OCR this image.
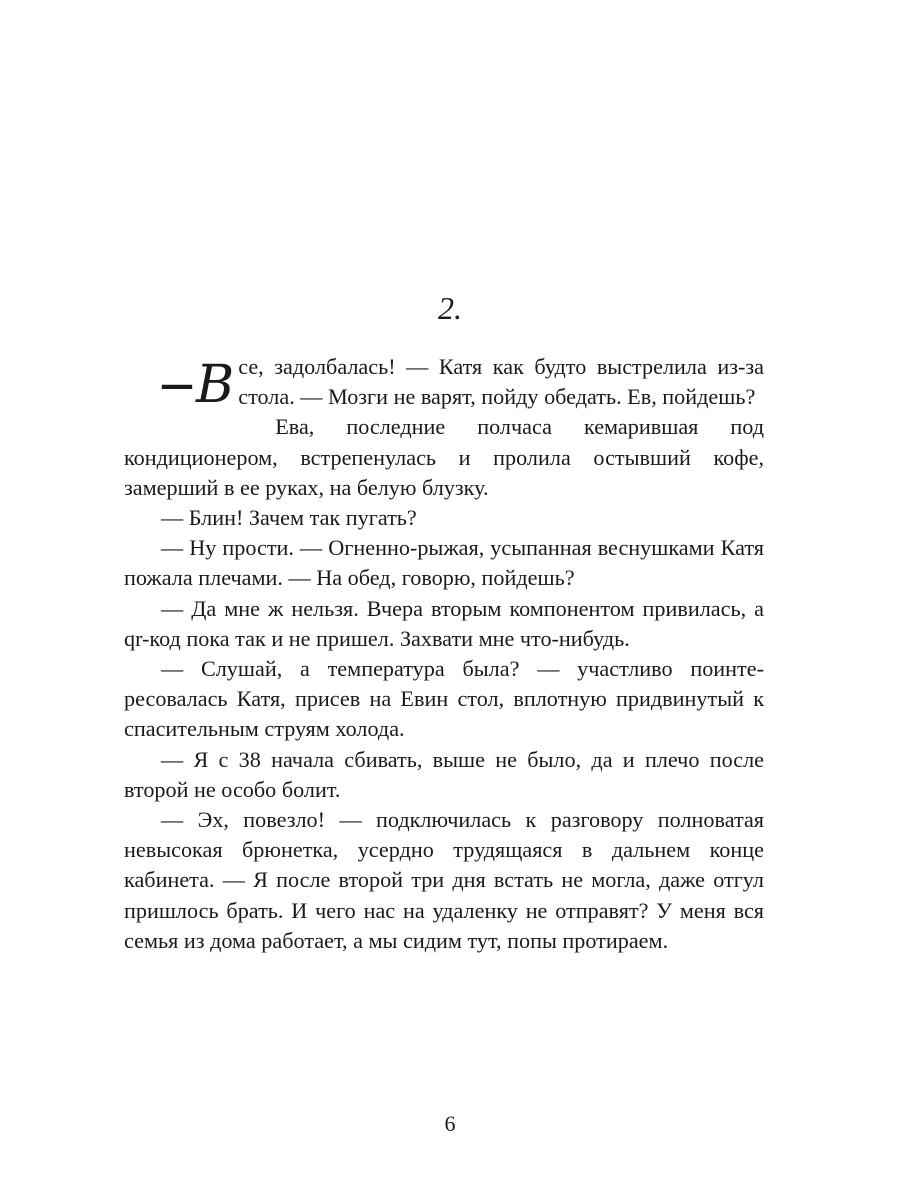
2.

— В се, задолбалась! — Катя как будто выстрелила из-за стола. — Мозги не варят, пойду обедать. Ев, пойдешь?

Ева, последние полчаса кемарившая под кондиционером, встрепенулась и пролила остывший кофе, замерший в ее руках, на белую блузку.

— Блин! Зачем так пугать?

— Ну прости. — Огненно-рыжая, усыпанная веснушками Катя пожала плечами. — На обед, говорю, пойдешь?

— Да мне ж нельзя. Вчера вторым компонентом привилась, а qr-код пока так и не пришел. Захвати мне что-нибудь.

— Слушай, а температура была? — участливо поинтересовалась Катя, присев на Евин стол, вплотную придвинутый к спасительным струям холода.

— Я с 38 начала сбивать, выше не было, да и плечо после второй не особо болит.

— Эх, повезло! — подключилась к разговору полноватая невысокая брюнетка, усердно трудящаяся в дальнем конце кабинета. — Я после второй три дня встать не могла, даже отгул пришлось брать. И чего нас на удаленку не отправят? У меня вся семья из дома работает, а мы сидим тут, попы протираем.

6
